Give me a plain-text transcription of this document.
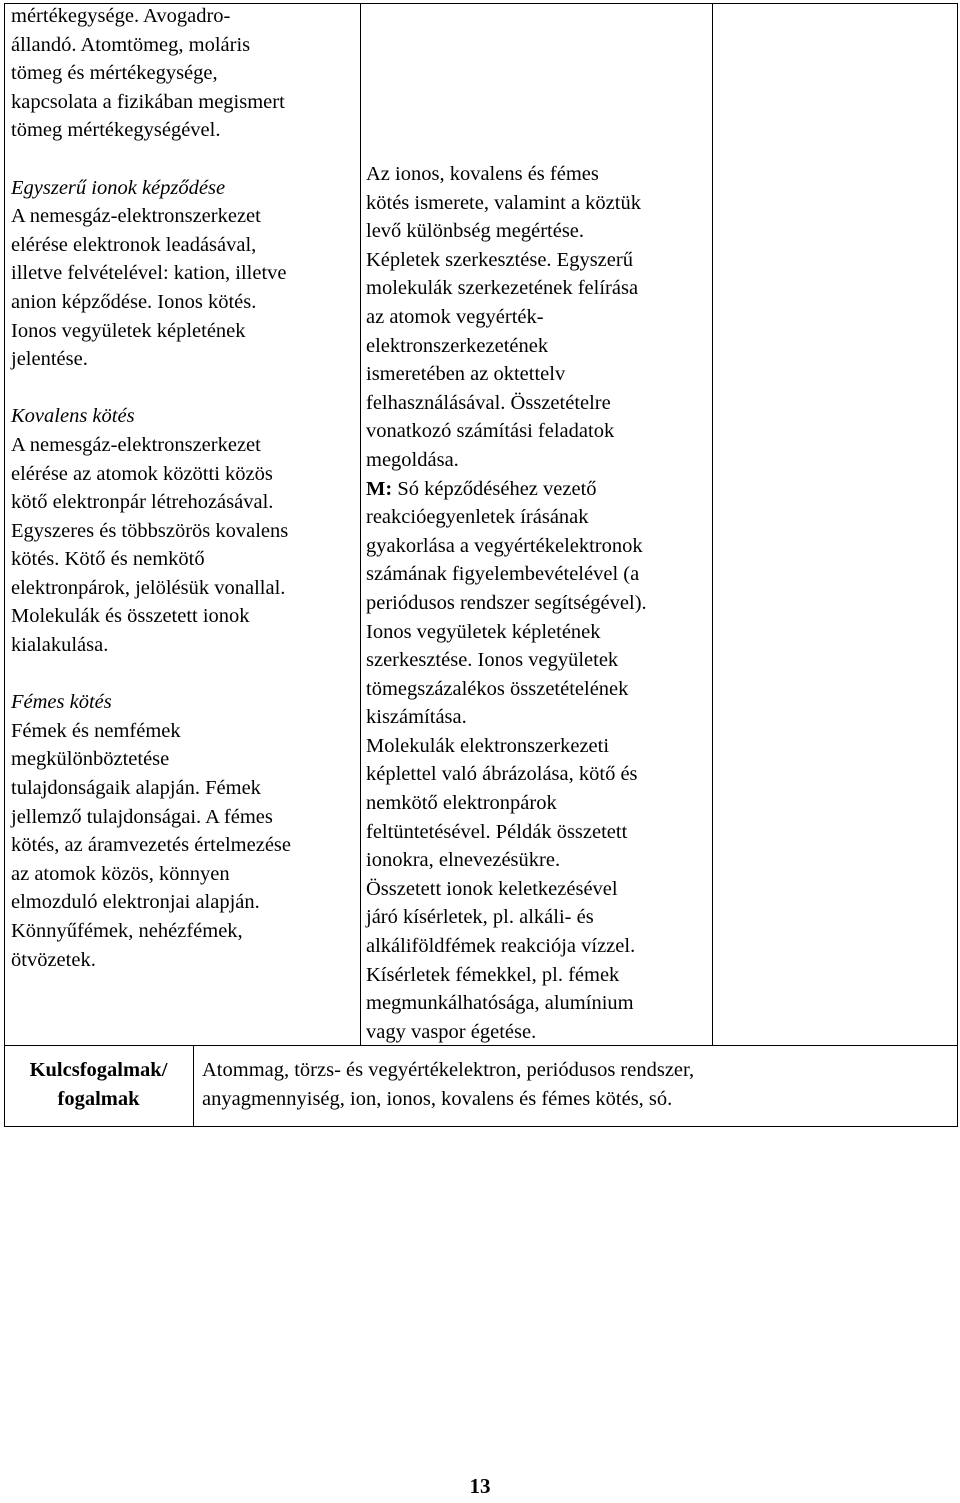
mértékegysége. Avogadro-

állandó. Atomtömeg, moláris

tömeg és mértékegysége,

kapcsolata a fizikában megismert

tömeg mértékegységével.

Egyszerű ionok képződése

A nemesgáz-elektronszerkezet

elérése elektronok leadásával,

illetve felvételével: kation, illetve

anion képződése. Ionos kötés.

Ionos vegyületek képletének

jelentése.

Kovalens kötés

A nemesgáz-elektronszerkezet

elérése az atomok közötti közös

kötő elektronpár létrehozásával.

Egyszeres és többszörös kovalens

kötés. Kötő és nemkötő

elektronpárok, jelölésük vonallal.

Molekulák és összetett ionok

kialakulása.

Fémes kötés

Fémek és nemfémek

megkülönböztetése

tulajdonságaik alapján. Fémek

jellemző tulajdonságai. A fémes

kötés, az áramvezetés értelmezése

az atomok közös, könnyen

elmozduló elektronjai alapján.

Könnyűfémek, nehézfémek,

ötvözetek.

Az ionos, kovalens és fémes

kötés ismerete, valamint a köztük

levő különbség megértése.

Képletek szerkesztése. Egyszerű

molekulák szerkezetének felírása

az atomok vegyérték-

elektronszerkezetének

ismeretében az oktettelv

felhasználásával. Összetételre

vonatkozó számítási feladatok

megoldása.

M: Só képződéséhez vezető

reakcióegyenletek írásának

gyakorlása a vegyértékelektronok

számának figyelembevételével (a

periódusos rendszer segítségével).

Ionos vegyületek képletének

szerkesztése. Ionos vegyületek

tömegszázalékos összetételének

kiszámítása.

Molekulák elektronszerkezeti

képlettel való ábrázolása, kötő és

nemkötő elektronpárok

feltüntetésével. Példák összetett

ionokra, elnevezésükre.

Összetett ionok keletkezésével

járó kísérletek, pl. alkáli- és

alkáliföldfémek reakciója vízzel.

Kísérletek fémekkel, pl. fémek

megmunkálhatósága, alumínium

vagy vaspor égetése.

Kulcsfogalmak/
fogalmak
Atommag, törzs- és vegyértékelektron, periódusos rendszer,
anyagmennyiség, ion, ionos, kovalens és fémes kötés, só.
13
